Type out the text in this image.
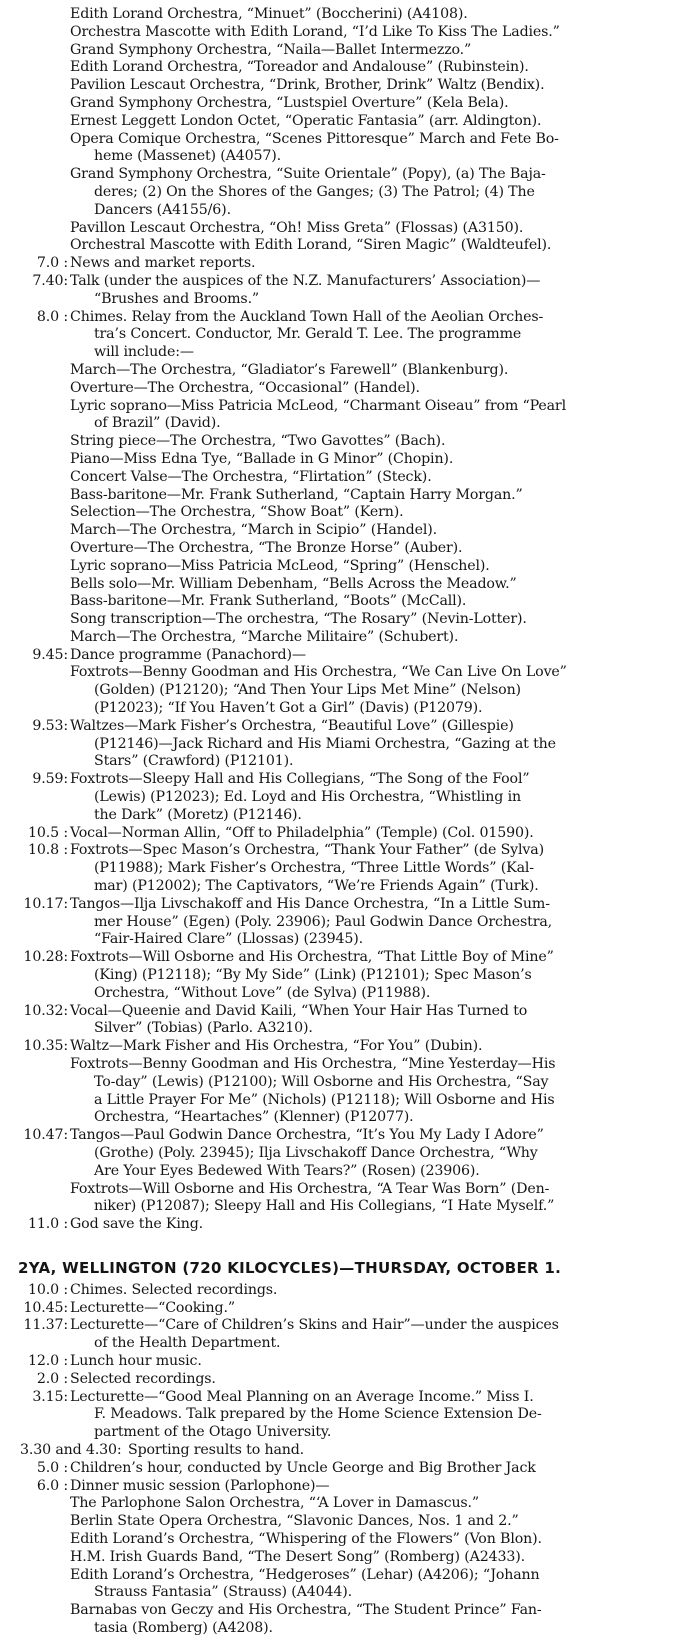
Edith Lorand Orchestra, “Minuet” (Boccherini) (A4108).
Orchestra Mascotte with Edith Lorand, “I’d Like To Kiss The Ladies.”
Grand Symphony Orchestra, “Naila—Ballet Intermezzo.”
Edith Lorand Orchestra, “Toreador and Andalouse” (Rubinstein).
Pavilion Lescaut Orchestra, “Drink, Brother, Drink” Waltz (Bendix).
Grand Symphony Orchestra, “Lustspiel Overture” (Kela Bela).
Ernest Leggett London Octet, “Operatic Fantasia” (arr. Aldington).
Opera Comique Orchestra, “Scenes Pittoresque” March and Fete Bo-
heme (Massenet) (A4057).
Grand Symphony Orchestra, “Suite Orientale” (Popy), (a) The Baja-
deres; (2) On the Shores of the Ganges; (3) The Patrol; (4) The
Dancers (A4155/6).
Pavillon Lescaut Orchestra, “Oh! Miss Greta” (Flossas) (A3150).
Orchestral Mascotte with Edith Lorand, “Siren Magic” (Waldteufel).
7.0 : News and market reports.
7.40: Talk (under the auspices of the N.Z. Manufacturers’ Association)—
“Brushes and Brooms.”
8.0 : Chimes. Relay from the Auckland Town Hall of the Aeolian Orches-
tra’s Concert. Conductor, Mr. Gerald T. Lee. The programme
will include:—
March—The Orchestra, “Gladiator’s Farewell” (Blankenburg).
Overture—The Orchestra, “Occasional” (Handel).
Lyric soprano—Miss Patricia McLeod, “Charmant Oiseau” from “Pearl
of Brazil” (David).
String piece—The Orchestra, “Two Gavottes” (Bach).
Piano—Miss Edna Tye, “Ballade in G Minor” (Chopin).
Concert Valse—The Orchestra, “Flirtation” (Steck).
Bass-baritone—Mr. Frank Sutherland, “Captain Harry Morgan.”
Selection—The Orchestra, “Show Boat” (Kern).
March—The Orchestra, “March in Scipio” (Handel).
Overture—The Orchestra, “The Bronze Horse” (Auber).
Lyric soprano—Miss Patricia McLeod, “Spring” (Henschel).
Bells solo—Mr. William Debenham, “Bells Across the Meadow.”
Bass-baritone—Mr. Frank Sutherland, “Boots” (McCall).
Song transcription—The orchestra, “The Rosary” (Nevin-Lotter).
March—The Orchestra, “Marche Militaire” (Schubert).
9.45: Dance programme (Panachord)—
Foxtrots—Benny Goodman and His Orchestra, “We Can Live On Love”
(Golden) (P12120); “And Then Your Lips Met Mine” (Nelson)
(P12023); “If You Haven’t Got a Girl” (Davis) (P12079).
9.53: Waltzes—Mark Fisher’s Orchestra, “Beautiful Love” (Gillespie)
(P12146)—Jack Richard and His Miami Orchestra, “Gazing at the
Stars” (Crawford) (P12101).
9.59: Foxtrots—Sleepy Hall and His Collegians, “The Song of the Fool”
(Lewis) (P12023); Ed. Loyd and His Orchestra, “Whistling in
the Dark” (Moretz) (P12146).
10.5 : Vocal—Norman Allin, “Off to Philadelphia” (Temple) (Col. 01590).
10.8 : Foxtrots—Spec Mason’s Orchestra, “Thank Your Father” (de Sylva)
(P11988); Mark Fisher’s Orchestra, “Three Little Words” (Kal-
mar) (P12002); The Captivators, “We’re Friends Again” (Turk).
10.17: Tangos—Ilja Livschakoff and His Dance Orchestra, “In a Little Sum-
mer House” (Egen) (Poly. 23906); Paul Godwin Dance Orchestra,
“Fair-Haired Clare” (Llossas) (23945).
10.28: Foxtrots—Will Osborne and His Orchestra, “That Little Boy of Mine”
(King) (P12118); “By My Side” (Link) (P12101); Spec Mason’s
Orchestra, “Without Love” (de Sylva) (P11988).
10.32: Vocal—Queenie and David Kaili, “When Your Hair Has Turned to
Silver” (Tobias) (Parlo. A3210).
10.35: Waltz—Mark Fisher and His Orchestra, “For You” (Dubin).
Foxtrots—Benny Goodman and His Orchestra, “Mine Yesterday—His
To-day” (Lewis) (P12100); Will Osborne and His Orchestra, “Say
a Little Prayer For Me” (Nichols) (P12118); Will Osborne and His
Orchestra, “Heartaches” (Klenner) (P12077).
10.47: Tangos—Paul Godwin Dance Orchestra, “It’s You My Lady I Adore”
(Grothe) (Poly. 23945); Ilja Livschakoff Dance Orchestra, “Why
Are Your Eyes Bedewed With Tears?” (Rosen) (23906).
Foxtrots—Will Osborne and His Orchestra, “A Tear Was Born” (Den-
niker) (P12087); Sleepy Hall and His Collegians, “I Hate Myself.”
11.0 : God save the King.
2YA, WELLINGTON (720 KILOCYCLES)—THURSDAY, OCTOBER 1.
10.0 : Chimes. Selected recordings.
10.45: Lecturette—“Cooking.”
11.37: Lecturette—“Care of Children’s Skins and Hair”—under the auspices
of the Health Department.
12.0 : Lunch hour music.
2.0 : Selected recordings.
3.15: Lecturette—“Good Meal Planning on an Average Income.” Miss I.
F. Meadows. Talk prepared by the Home Science Extension De-
partment of the Otago University.
3.30 and 4.30: Sporting results to hand.
5.0 : Children’s hour, conducted by Uncle George and Big Brother Jack
6.0 : Dinner music session (Parlophone)—
The Parlophone Salon Orchestra, “‘A Lover in Damascus.”
Berlin State Opera Orchestra, “Slavonic Dances, Nos. 1 and 2.”
Edith Lorand’s Orchestra, “Whispering of the Flowers” (Von Blon).
H.M. Irish Guards Band, “The Desert Song” (Romberg) (A2433).
Edith Lorand’s Orchestra, “Hedgeroses” (Lehar) (A4206); “Johann
Strauss Fantasia” (Strauss) (A4044).
Barnabas von Geczy and His Orchestra, “The Student Prince” Fan-
tasia (Romberg) (A4208).
